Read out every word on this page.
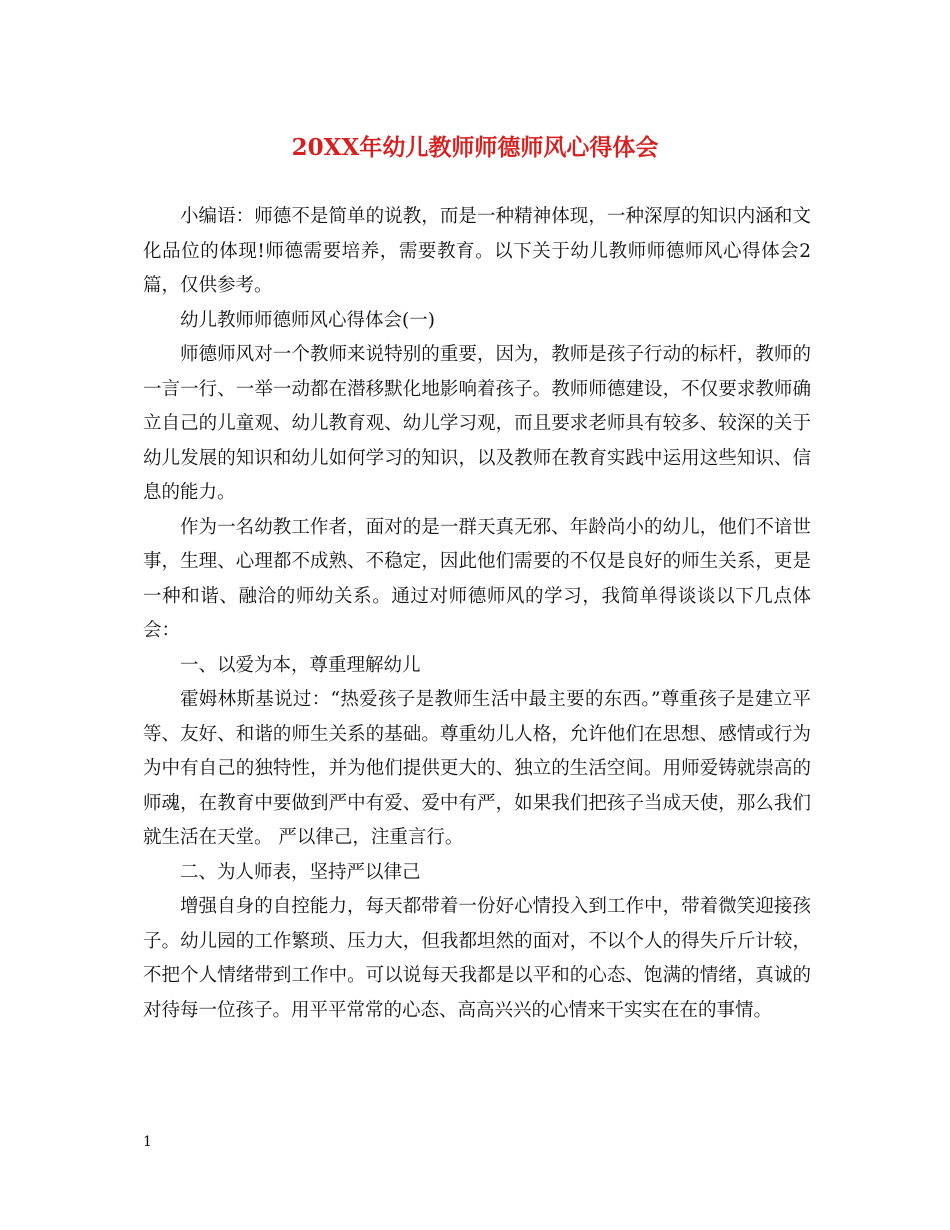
20XX年幼儿教师师德师风心得体会

小编语：师德不是简单的说教，而是一种精神体现，一种深厚的知识内涵和文化品位的体现!师德需要培养，需要教育。以下关于幼儿教师师德师风心得体会2篇，仅供参考。

幼儿教师师德师风心得体会(一)

师德师风对一个教师来说特别的重要，因为，教师是孩子行动的标杆，教师的一言一行、一举一动都在潜移默化地影响着孩子。教师师德建设，不仅要求教师确立自己的儿童观、幼儿教育观、幼儿学习观，而且要求老师具有较多、较深的关于幼儿发展的知识和幼儿如何学习的知识，以及教师在教育实践中运用这些知识、信息的能力。

作为一名幼教工作者，面对的是一群天真无邪、年龄尚小的幼儿，他们不谙世事，生理、心理都不成熟、不稳定，因此他们需要的不仅是良好的师生关系，更是一种和谐、融洽的师幼关系。通过对师德师风的学习，我简单得谈谈以下几点体会：

一、以爱为本，尊重理解幼儿

霍姆林斯基说过：“热爱孩子是教师生活中最主要的东西。”尊重孩子是建立平等、友好、和谐的师生关系的基础。尊重幼儿人格，允许他们在思想、感情或行为为中有自己的独特性，并为他们提供更大的、独立的生活空间。用师爱铸就崇高的师魂，在教育中要做到严中有爱、爱中有严，如果我们把孩子当成天使，那么我们就生活在天堂。 严以律己，注重言行。

二、为人师表，坚持严以律己

增强自身的自控能力，每天都带着一份好心情投入到工作中，带着微笑迎接孩子。幼儿园的工作繁琐、压力大，但我都坦然的面对，不以个人的得失斤斤计较，不把个人情绪带到工作中。可以说每天我都是以平和的心态、饱满的情绪，真诚的对待每一位孩子。用平平常常的心态、高高兴兴的心情来干实实在在的事情。

1
